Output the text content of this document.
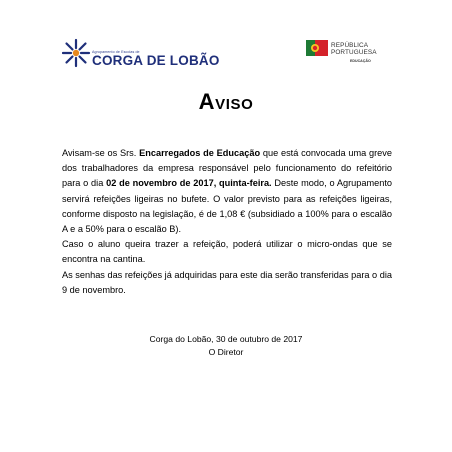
Agrupamento de Escolas de
CORGA DE LOBÃO
REPÚBLICA
PORTUGUESA
EDUCAÇÃO
Aviso

Avisam-se os Srs. Encarregados de Educação que está convocada uma greve dos trabalhadores da empresa responsável pelo funcionamento do refeitório para o dia 02 de novembro de 2017, quinta-feira. Deste modo, o Agrupamento servirá refeições ligeiras no bufete. O valor previsto para as refeições ligeiras, conforme disposto na legislação, é de 1,08 € (subsidiado a 100% para o escalão A e a 50% para o escalão B).

Caso o aluno queira trazer a refeição, poderá utilizar o micro-ondas que se encontra na cantina.

As senhas das refeições já adquiridas para este dia serão transferidas para o dia 9 de novembro.

Corga do Lobão, 30 de outubro de 2017
O Diretor
